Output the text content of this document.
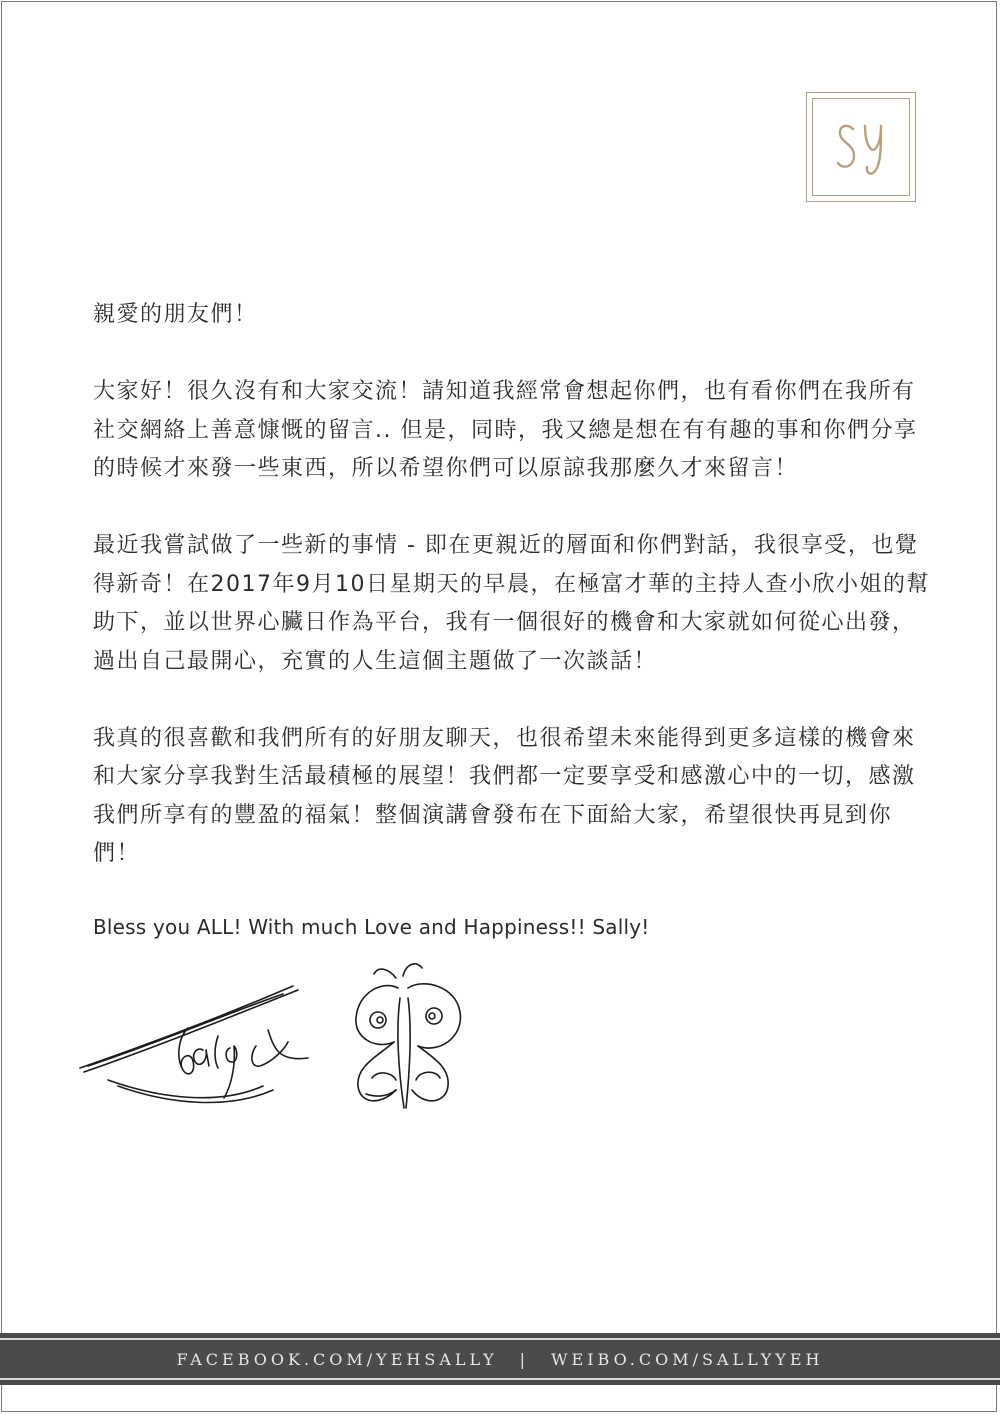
親愛的朋友們！

大家好！很久沒有和大家交流！請知道我經常會想起你們，也有看你們在我所有社交網絡上善意慷慨的留言.. 但是，同時，我又總是想在有有趣的事和你們分享的時候才來發一些東西，所以希望你們可以原諒我那麼久才來留言！

最近我嘗試做了一些新的事情 - 即在更親近的層面和你們對話，我很享受，也覺得新奇！在2017年9月10日星期天的早晨，在極富才華的主持人查小欣小姐的幫助下，並以世界心臟日作為平台，我有一個很好的機會和大家就如何從心出發，過出自己最開心，充實的人生這個主題做了一次談話！

我真的很喜歡和我們所有的好朋友聊天，也很希望未來能得到更多這樣的機會來和大家分享我對生活最積極的展望！我們都一定要享受和感激心中的一切，感激我們所享有的豐盈的福氣！整個演講會發布在下面給大家，希望很快再見到你們！

Bless you ALL! With much Love and Happiness!! Sally!

FACEBOOK.COM/YEHSALLY | WEIBO.COM/SALLYYEH
